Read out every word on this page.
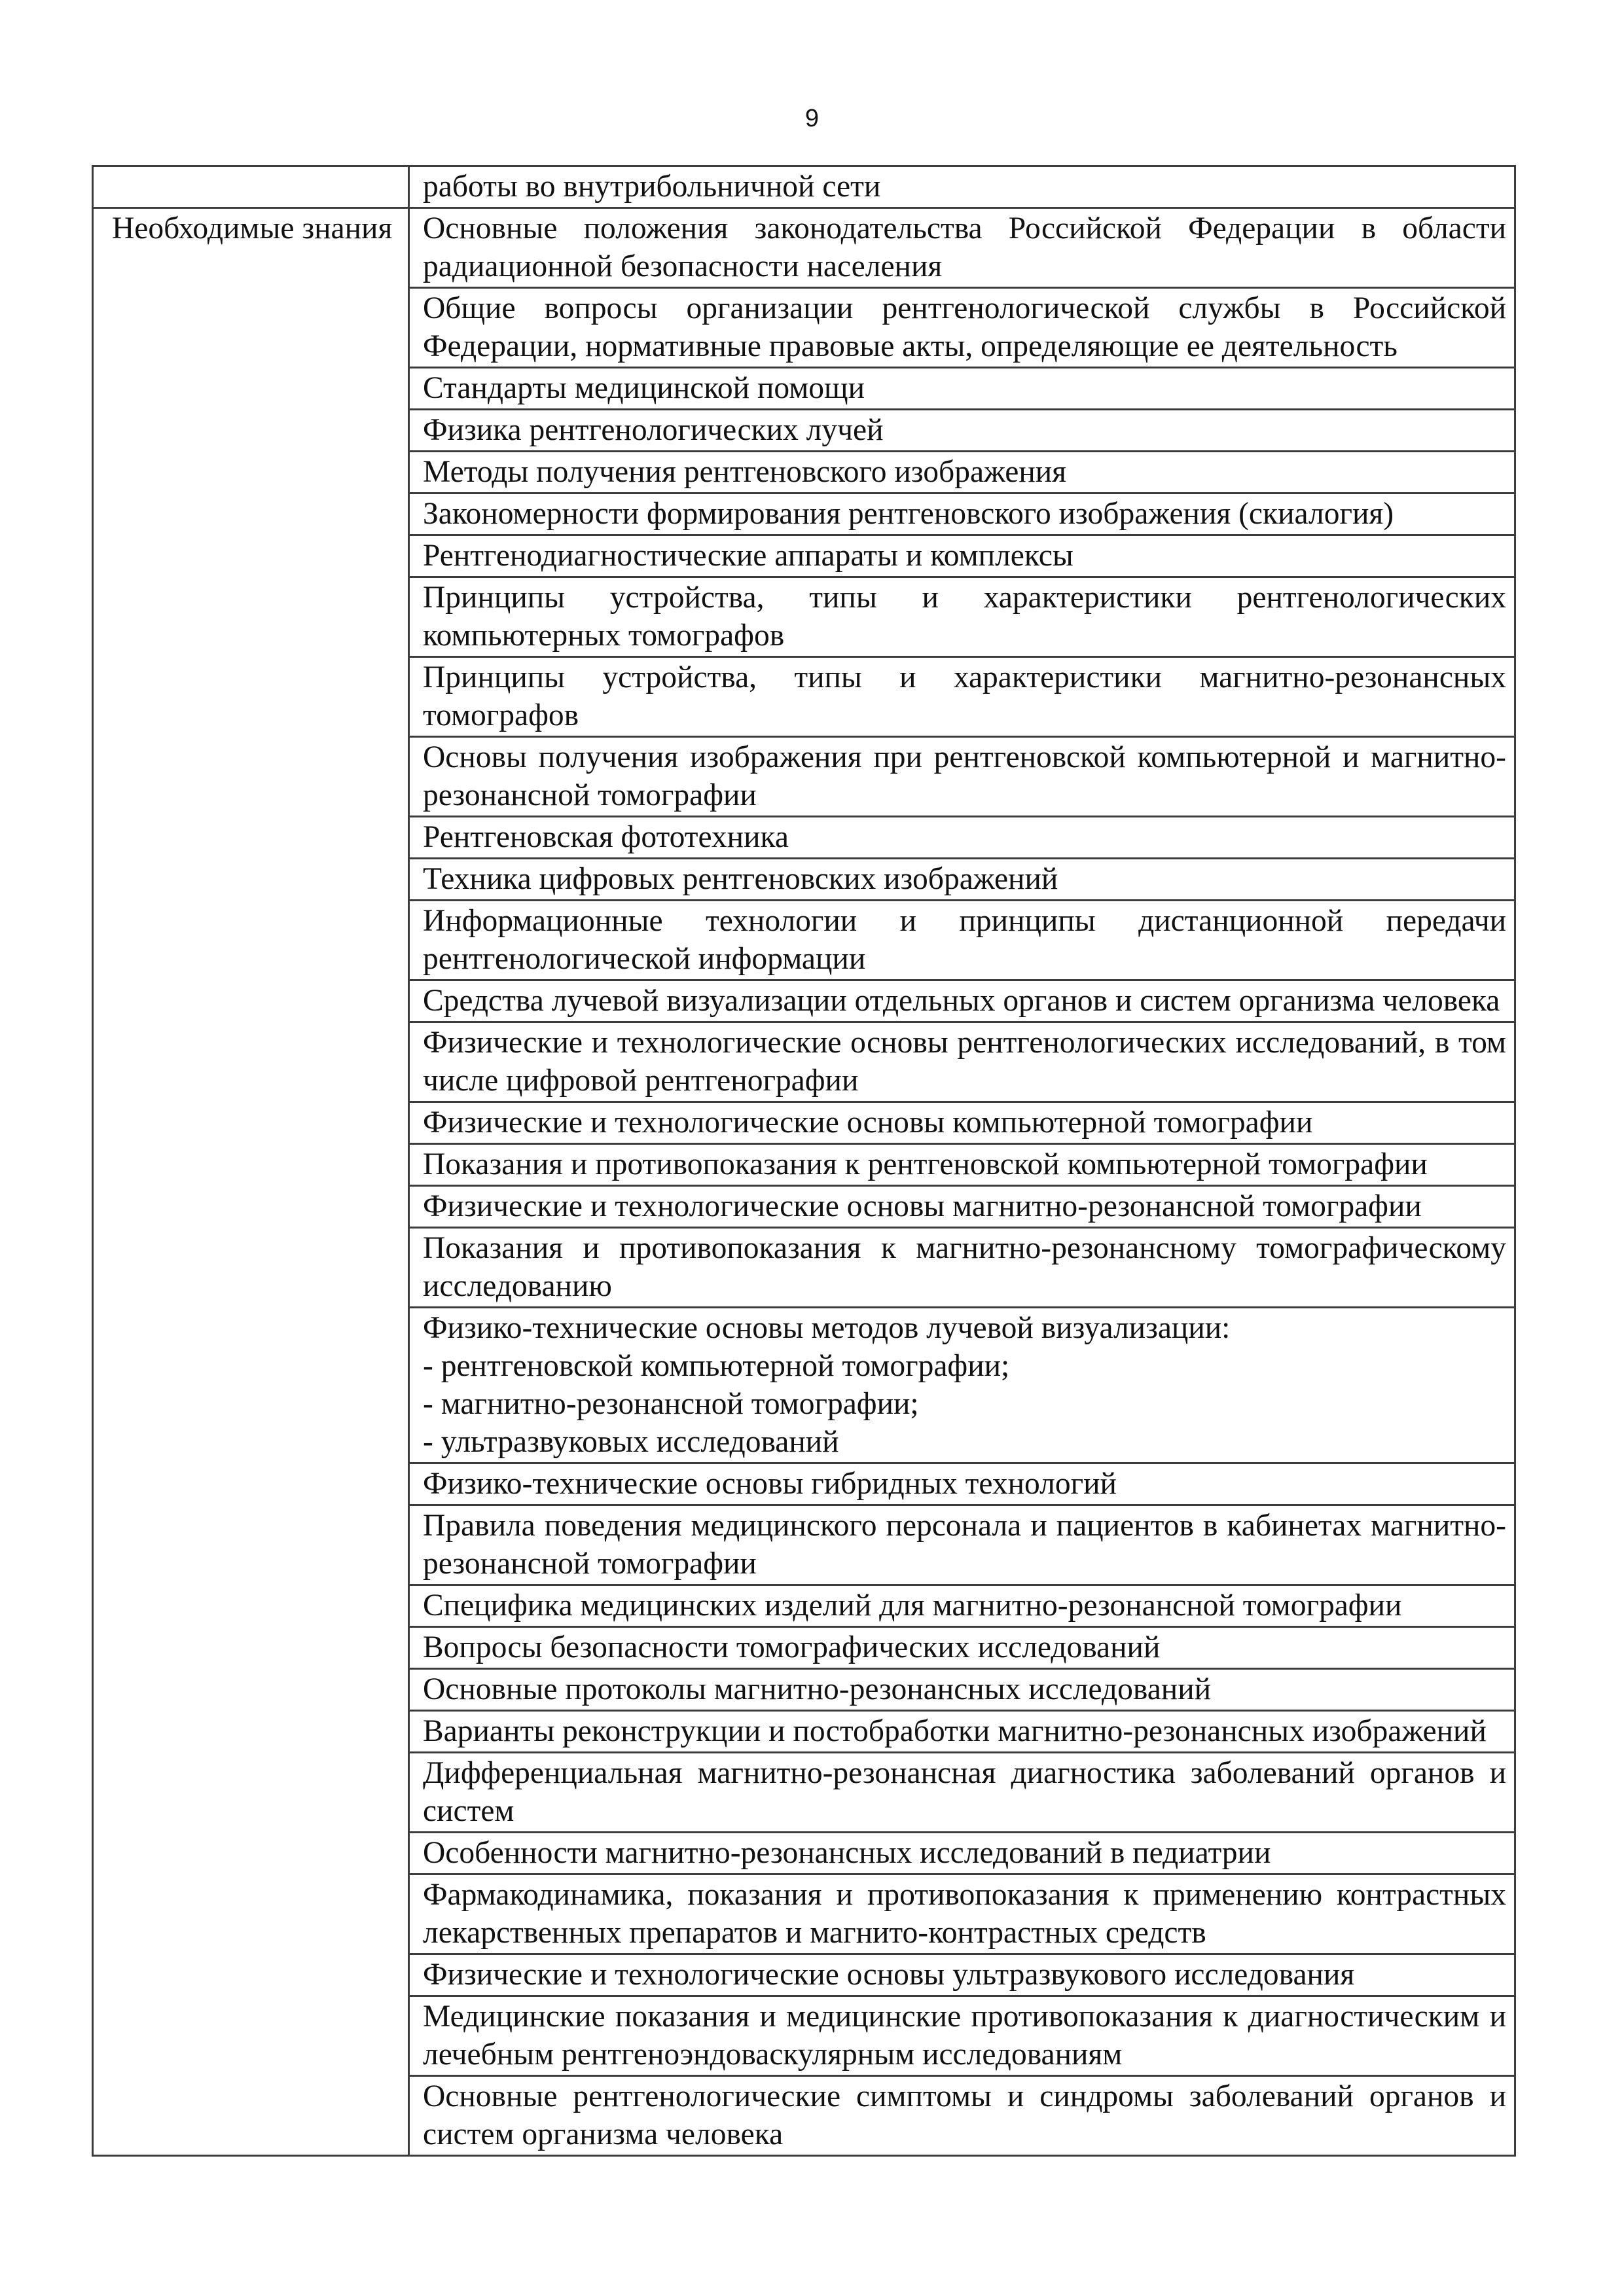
9
	работы во внутрибольничной сети
Необходимые знания	Основные положения законодательства Российской Федерации в области радиационной безопасности населения
	Общие вопросы организации рентгенологической службы в Российской Федерации, нормативные правовые акты, определяющие ее деятельность
	Стандарты медицинской помощи
	Физика рентгенологических лучей
	Методы получения рентгеновского изображения
	Закономерности формирования рентгеновского изображения (скиалогия)
	Рентгенодиагностические аппараты и комплексы
	Принципы устройства, типы и характеристики рентгенологических компьютерных томографов
	Принципы устройства, типы и характеристики магнитно-резонансных томографов
	Основы получения изображения при рентгеновской компьютерной и магнитно-резонансной томографии
	Рентгеновская фототехника
	Техника цифровых рентгеновских изображений
	Информационные технологии и принципы дистанционной передачи рентгенологической информации
	Средства лучевой визуализации отдельных органов и систем организма человека
	Физические и технологические основы рентгенологических исследований, в том числе цифровой рентгенографии
	Физические и технологические основы компьютерной томографии
	Показания и противопоказания к рентгеновской компьютерной томографии
	Физические и технологические основы магнитно-резонансной томографии
	Показания и противопоказания к магнитно-резонансному томографическому исследованию
	Физико-технические основы методов лучевой визуализации:
- рентгеновской компьютерной томографии;
- магнитно-резонансной томографии;
- ультразвуковых исследований
	Физико-технические основы гибридных технологий
	Правила поведения медицинского персонала и пациентов в кабинетах магнитно-резонансной томографии
	Специфика медицинских изделий для магнитно-резонансной томографии
	Вопросы безопасности томографических исследований
	Основные протоколы магнитно-резонансных исследований
	Варианты реконструкции и постобработки магнитно-резонансных изображений
	Дифференциальная магнитно-резонансная диагностика заболеваний органов и систем
	Особенности магнитно-резонансных исследований в педиатрии
	Фармакодинамика, показания и противопоказания к применению контрастных лекарственных препаратов и магнито-контрастных средств
	Физические и технологические основы ультразвукового исследования
	Медицинские показания и медицинские противопоказания к диагностическим и лечебным рентгеноэндоваскулярным исследованиям
	Основные рентгенологические симптомы и синдромы заболеваний органов и систем организма человека
